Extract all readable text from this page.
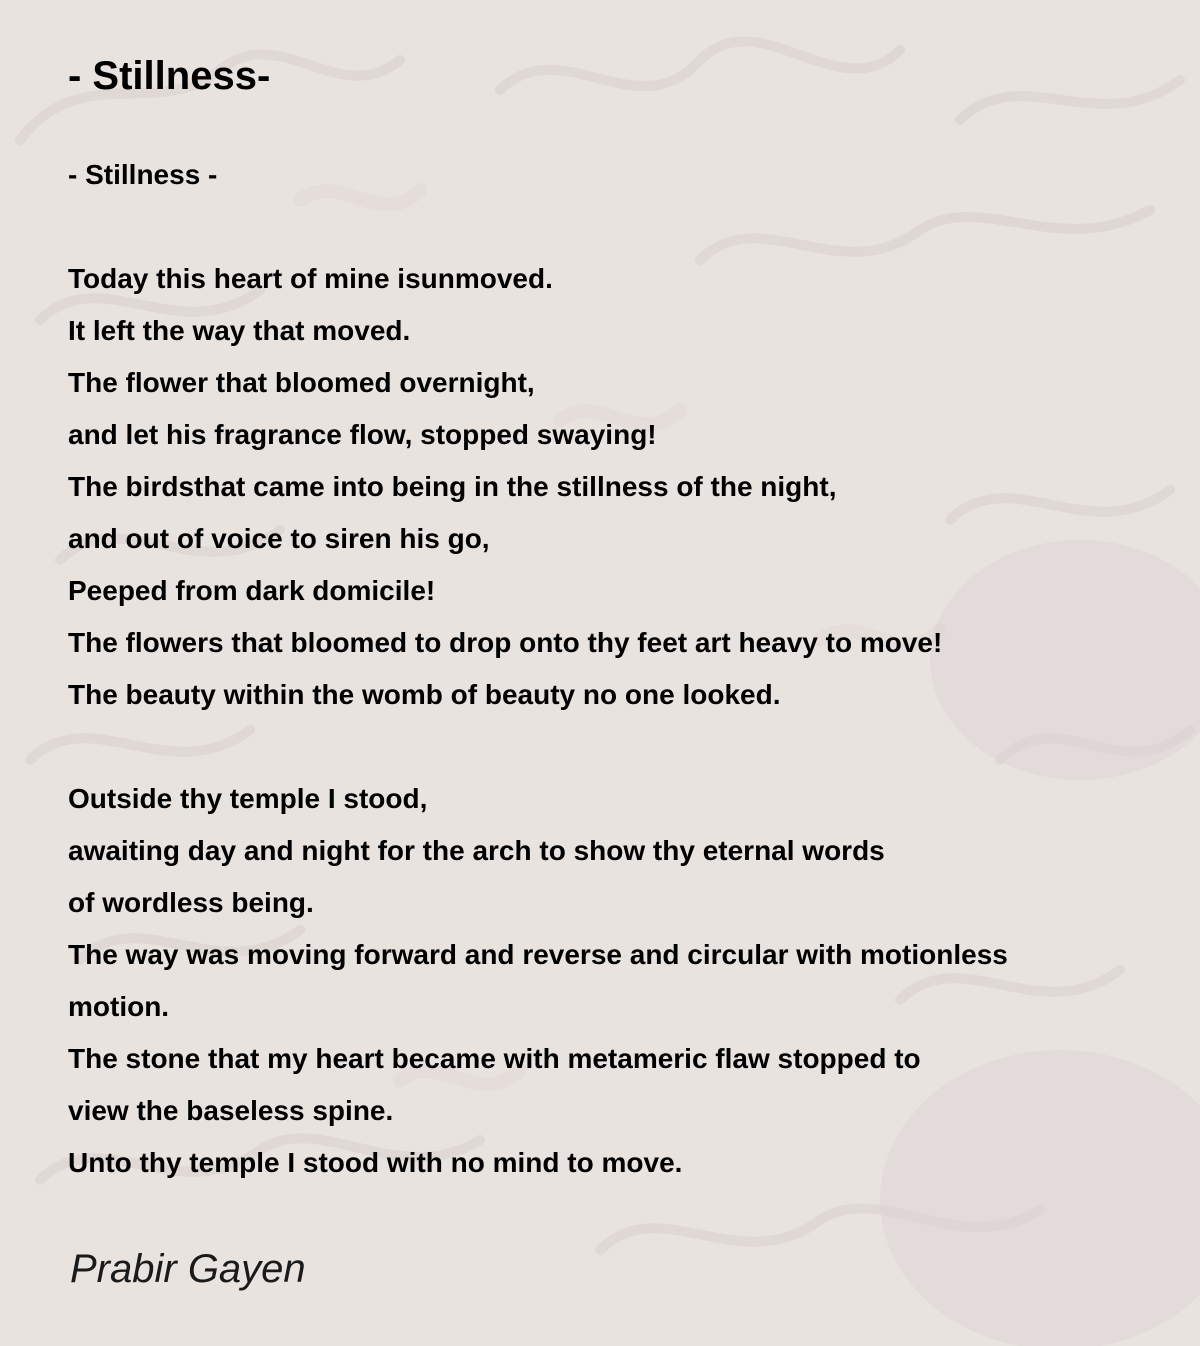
- Stillness-
- Stillness -
Today this heart of mine isunmoved.
It left the way that moved.
The flower that bloomed overnight,
and let his fragrance flow, stopped swaying!
The birdsthat came into being in the stillness of the night,
and out of voice to siren his go,
Peeped from dark domicile!
The flowers that bloomed to drop onto thy feet art heavy to move!
The beauty within the womb of beauty no one looked.
Outside thy temple I stood,
awaiting day and night for the arch to show thy eternal words
of wordless being.
The way was moving forward and reverse and circular with motionless
motion.
The stone that my heart became with metameric flaw stopped to
view the baseless spine.
Unto thy temple I stood with no mind to move.

Prabir Gayen
